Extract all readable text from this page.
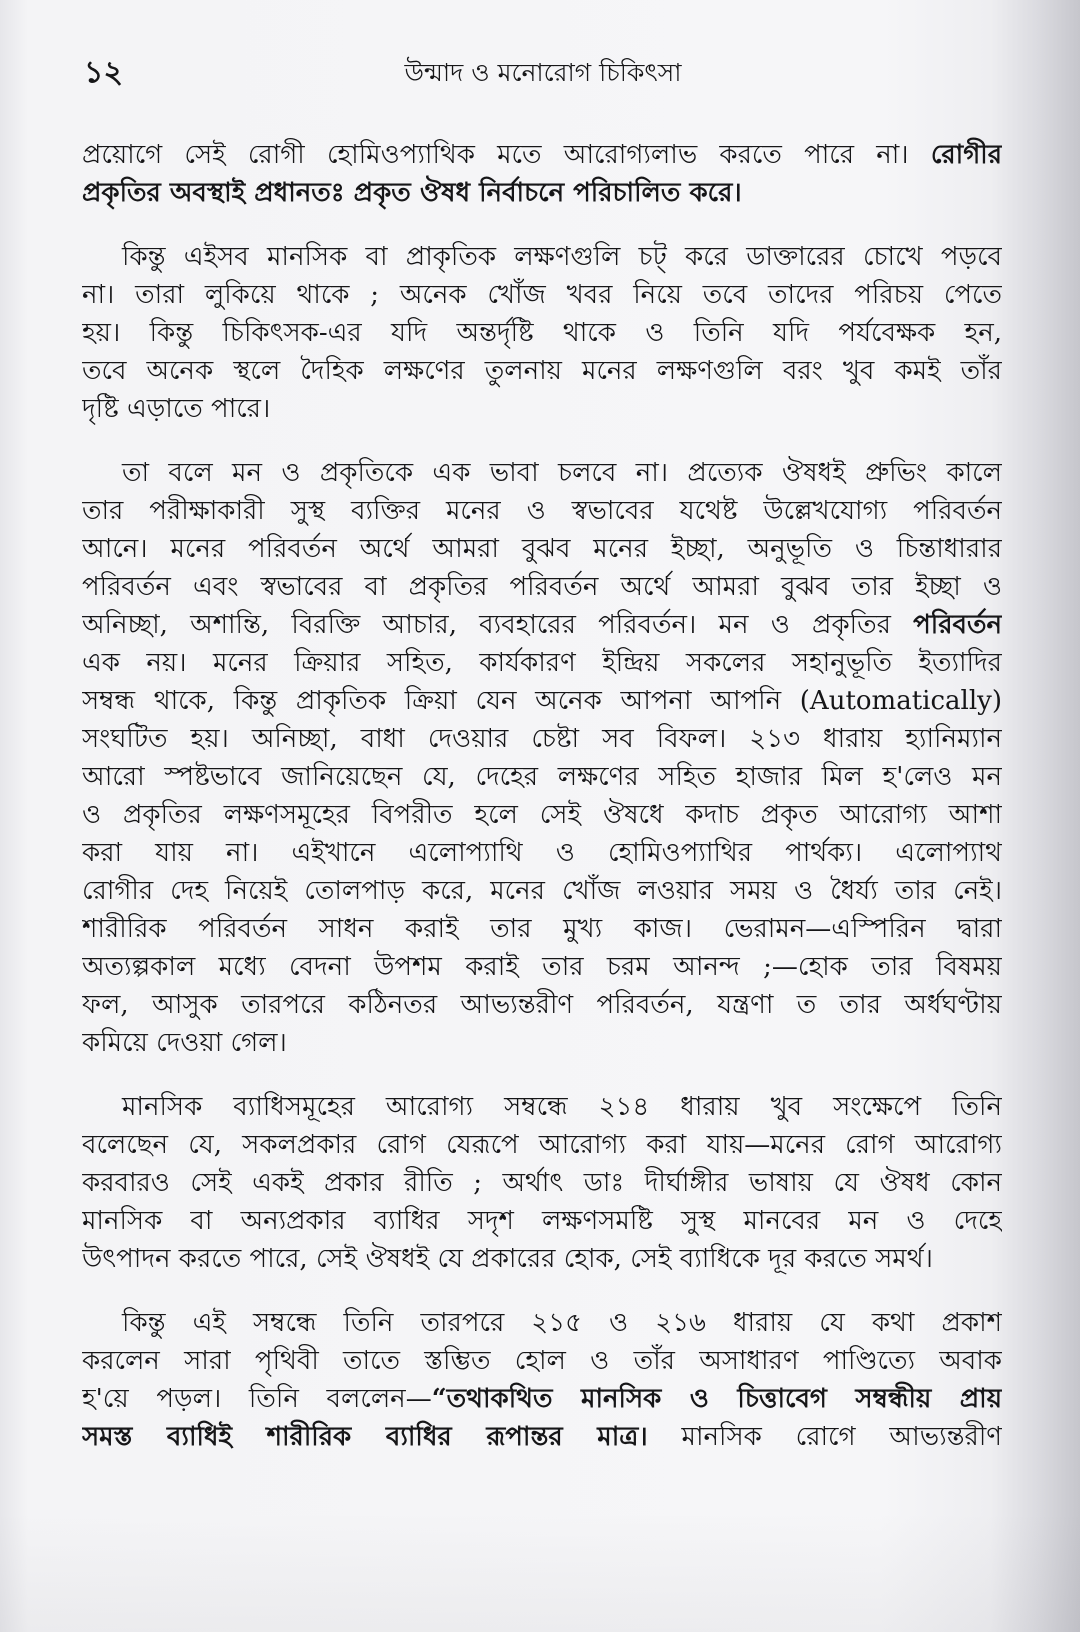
১২	উন্মাদ ও মনোরোগ চিকিৎসা
প্রয়োগে সেই রোগী হোমিওপ্যাথিক মতে আরোগ্যলাভ করতে পারে না। রোগীর
প্রকৃতির অবস্থাই প্রধানতঃ প্রকৃত ঔষধ নির্বাচনে পরিচালিত করে।
কিন্তু এইসব মানসিক বা প্রাকৃতিক লক্ষণগুলি চট্ করে ডাক্তারের চোখে পড়বে
না। তারা লুকিয়ে থাকে ; অনেক খোঁজ খবর নিয়ে তবে তাদের পরিচয় পেতে
হয়। কিন্তু চিকিৎসক-এর যদি অন্তর্দৃষ্টি থাকে ও তিনি যদি পর্যবেক্ষক হন,
তবে অনেক স্থলে দৈহিক লক্ষণের তুলনায় মনের লক্ষণগুলি বরং খুব কমই তাঁর
দৃষ্টি এড়াতে পারে।
তা বলে মন ও প্রকৃতিকে এক ভাবা চলবে না। প্রত্যেক ঔষধই প্রুভিং কালে
তার পরীক্ষাকারী সুস্থ ব্যক্তির মনের ও স্বভাবের যথেষ্ট উল্লেখযোগ্য পরিবর্তন
আনে। মনের পরিবর্তন অর্থে আমরা বুঝব মনের ইচ্ছা, অনুভূতি ও চিন্তাধারার
পরিবর্তন এবং স্বভাবের বা প্রকৃতির পরিবর্তন অর্থে আমরা বুঝব তার ইচ্ছা ও
অনিচ্ছা, অশান্তি, বিরক্তি আচার, ব্যবহারের পরিবর্তন। মন ও প্রকৃতির পরিবর্তন
এক নয়। মনের ক্রিয়ার সহিত, কার্যকারণ ইন্দ্রিয় সকলের সহানুভূতি ইত্যাদির
সম্বন্ধ থাকে, কিন্তু প্রাকৃতিক ক্রিয়া যেন অনেক আপনা আপনি (Automatically)
সংঘটিত হয়। অনিচ্ছা, বাধা দেওয়ার চেষ্টা সব বিফল। ২১৩ ধারায় হ্যানিম্যান
আরো স্পষ্টভাবে জানিয়েছেন যে, দেহের লক্ষণের সহিত হাজার মিল হ'লেও মন
ও প্রকৃতির লক্ষণসমূহের বিপরীত হলে সেই ঔষধে কদাচ প্রকৃত আরোগ্য আশা
করা যায় না। এইখানে এলোপ্যাথি ও হোমিওপ্যাথির পার্থক্য। এলোপ্যাথ
রোগীর দেহ নিয়েই তোলপাড় করে, মনের খোঁজ লওয়ার সময় ও ধৈর্য্য তার নেই।
শারীরিক পরিবর্তন সাধন করাই তার মুখ্য কাজ। ভেরামন—এস্পিরিন দ্বারা
অত্যল্পকাল মধ্যে বেদনা উপশম করাই তার চরম আনন্দ ;—হোক তার বিষময়
ফল, আসুক তারপরে কঠিনতর আভ্যন্তরীণ পরিবর্তন, যন্ত্রণা ত তার অর্ধঘণ্টায়
কমিয়ে দেওয়া গেল।
মানসিক ব্যাধিসমূহের আরোগ্য সম্বন্ধে ২১৪ ধারায় খুব সংক্ষেপে তিনি
বলেছেন যে, সকলপ্রকার রোগ যেরূপে আরোগ্য করা যায়—মনের রোগ আরোগ্য
করবারও সেই একই প্রকার রীতি ; অর্থাৎ ডাঃ দীর্ঘাঙ্গীর ভাষায় যে ঔষধ কোন
মানসিক বা অন্যপ্রকার ব্যাধির সদৃশ লক্ষণসমষ্টি সুস্থ মানবের মন ও দেহে
উৎপাদন করতে পারে, সেই ঔষধই যে প্রকারের হোক, সেই ব্যাধিকে দূর করতে সমর্থ।
কিন্তু এই সম্বন্ধে তিনি তারপরে ২১৫ ও ২১৬ ধারায় যে কথা প্রকাশ
করলেন সারা পৃথিবী তাতে স্তম্ভিত হোল ও তাঁর অসাধারণ পাণ্ডিত্যে অবাক
হ'য়ে পড়ল। তিনি বললেন—“তথাকথিত মানসিক ও চিত্তাবেগ সম্বন্ধীয় প্রায়
সমস্ত ব্যাধিই শারীরিক ব্যাধির রূপান্তর মাত্র। মানসিক রোগে আভ্যন্তরীণ
